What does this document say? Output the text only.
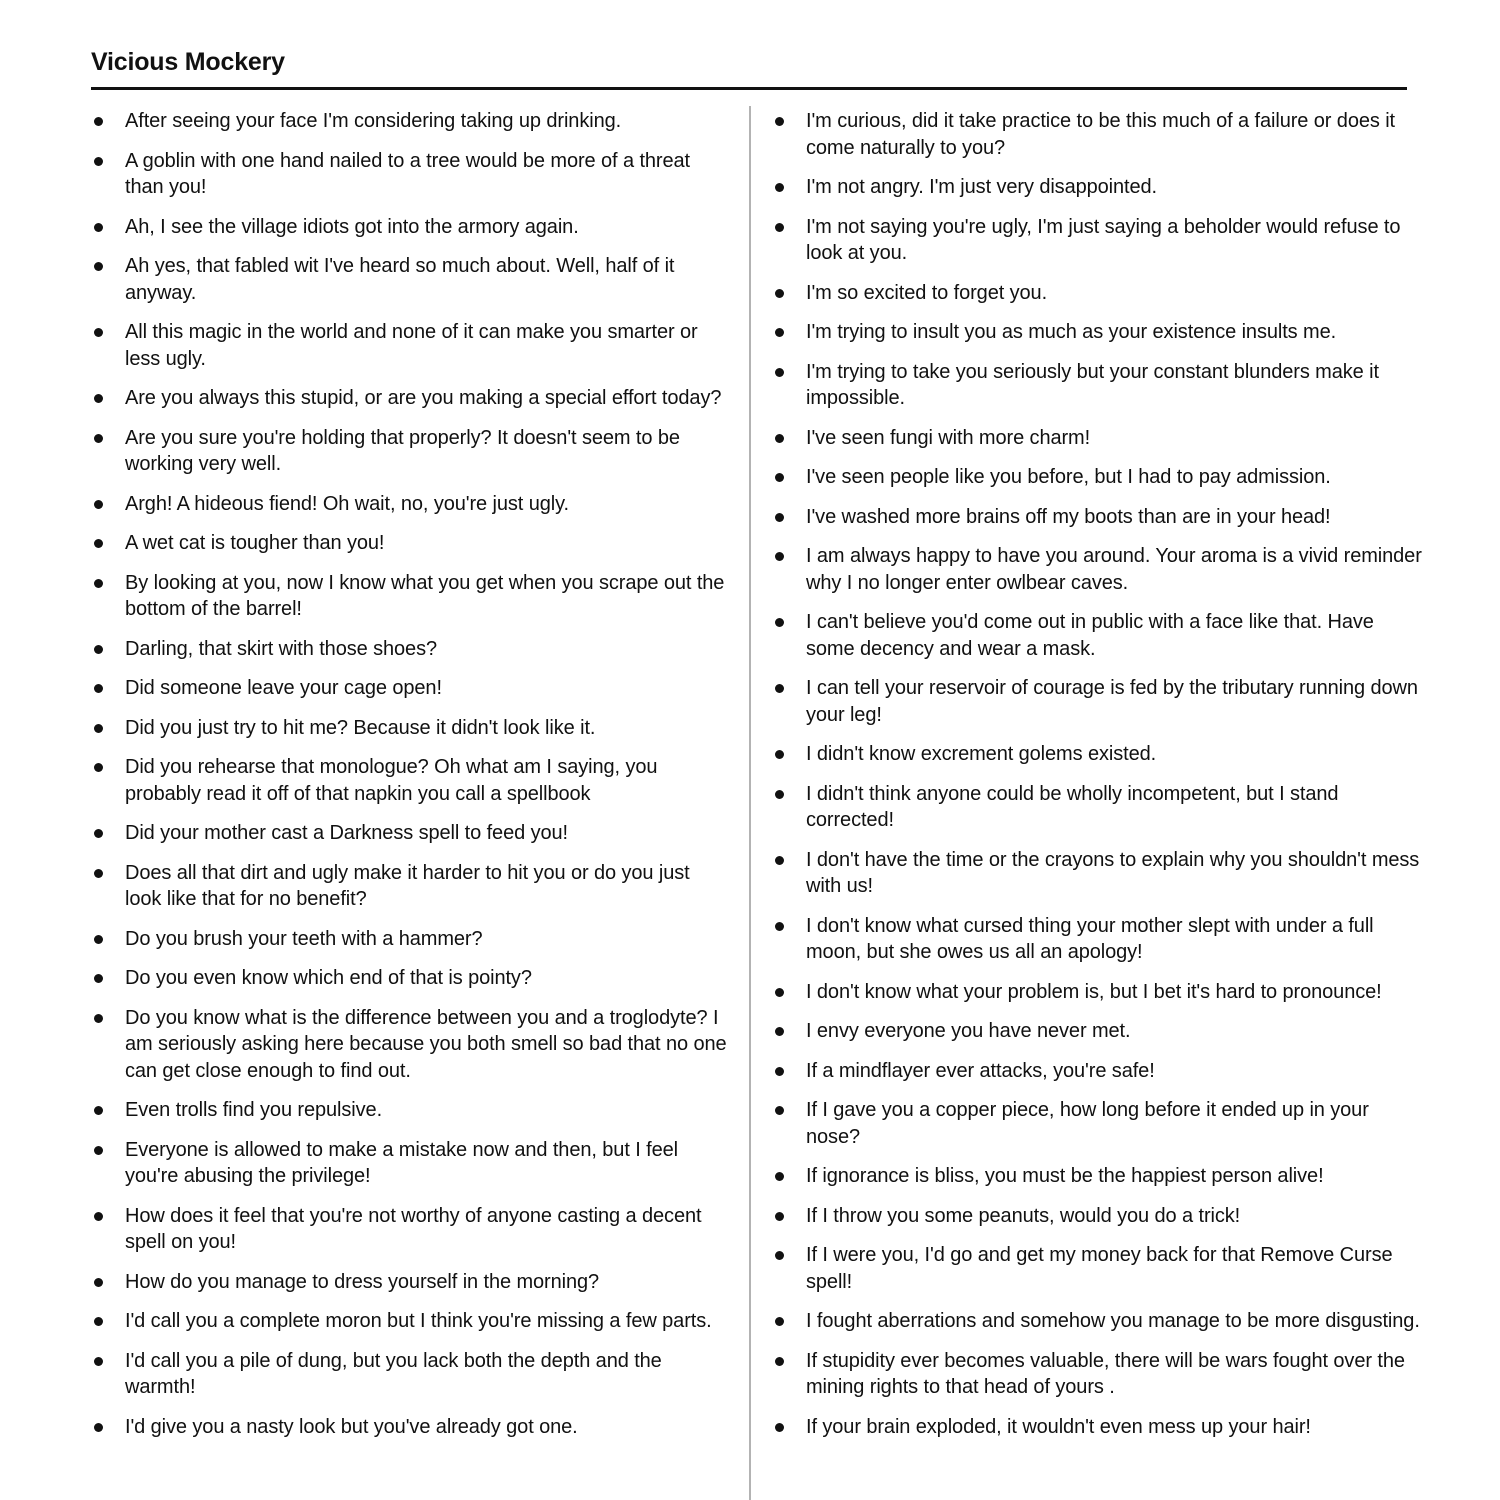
Vicious Mockery
After seeing your face I'm considering taking up drinking.
A goblin with one hand nailed to a tree would be more of a threat than you!
Ah, I see the village idiots got into the armory again.
Ah yes, that fabled wit I've heard so much about. Well, half of it anyway.
All this magic in the world and none of it can make you smarter or less ugly.
Are you always this stupid, or are you making a special effort today?
Are you sure you're holding that properly? It doesn't seem to be working very well.
Argh! A hideous fiend! Oh wait, no, you're just ugly.
A wet cat is tougher than you!
By looking at you, now I know what you get when you scrape out the bottom of the barrel!
Darling, that skirt with those shoes?
Did someone leave your cage open!
Did you just try to hit me? Because it didn't look like it.
Did you rehearse that monologue? Oh what am I saying, you probably read it off of that napkin you call a spellbook
Did your mother cast a Darkness spell to feed you!
Does all that dirt and ugly make it harder to hit you or do you just look like that for no benefit?
Do you brush your teeth with a hammer?
Do you even know which end of that is pointy?
Do you know what is the difference between you and a troglodyte? I am seriously asking here because you both smell so bad that no one can get close enough to find out.
Even trolls find you repulsive.
Everyone is allowed to make a mistake now and then, but I feel you're abusing the privilege!
How does it feel that you're not worthy of anyone casting a decent spell on you!
How do you manage to dress yourself in the morning?
I'd call you a complete moron but I think you're missing a few parts.
I'd call you a pile of dung, but you lack both the depth and the warmth!
I'd give you a nasty look but you've already got one.
I'm curious, did it take practice to be this much of a failure or does it come naturally to you?
I'm not angry. I'm just very disappointed.
I'm not saying you're ugly, I'm just saying a beholder would refuse to look at you.
I'm so excited to forget you.
I'm trying to insult you as much as your existence insults me.
I'm trying to take you seriously but your constant blunders make it impossible.
I've seen fungi with more charm!
I've seen people like you before, but I had to pay admission.
I've washed more brains off my boots than are in your head!
I am always happy to have you around. Your aroma is a vivid reminder why I no longer enter owlbear caves.
I can't believe you'd come out in public with a face like that. Have some decency and wear a mask.
I can tell your reservoir of courage is fed by the tributary running down your leg!
I didn't know excrement golems existed.
I didn't think anyone could be wholly incompetent, but I stand corrected!
I don't have the time or the crayons to explain why you shouldn't mess with us!
I don't know what cursed thing your mother slept with under a full moon, but she owes us all an apology!
I don't know what your problem is, but I bet it's hard to pronounce!
I envy everyone you have never met.
If a mindflayer ever attacks, you're safe!
If I gave you a copper piece, how long before it ended up in your nose?
If ignorance is bliss, you must be the happiest person alive!
If I throw you some peanuts, would you do a trick!
If I were you, I'd go and get my money back for that Remove Curse spell!
I fought aberrations and somehow you manage to be more disgusting.
If stupidity ever becomes valuable, there will be wars fought over the mining rights to that head of yours .
If your brain exploded, it wouldn't even mess up your hair!
